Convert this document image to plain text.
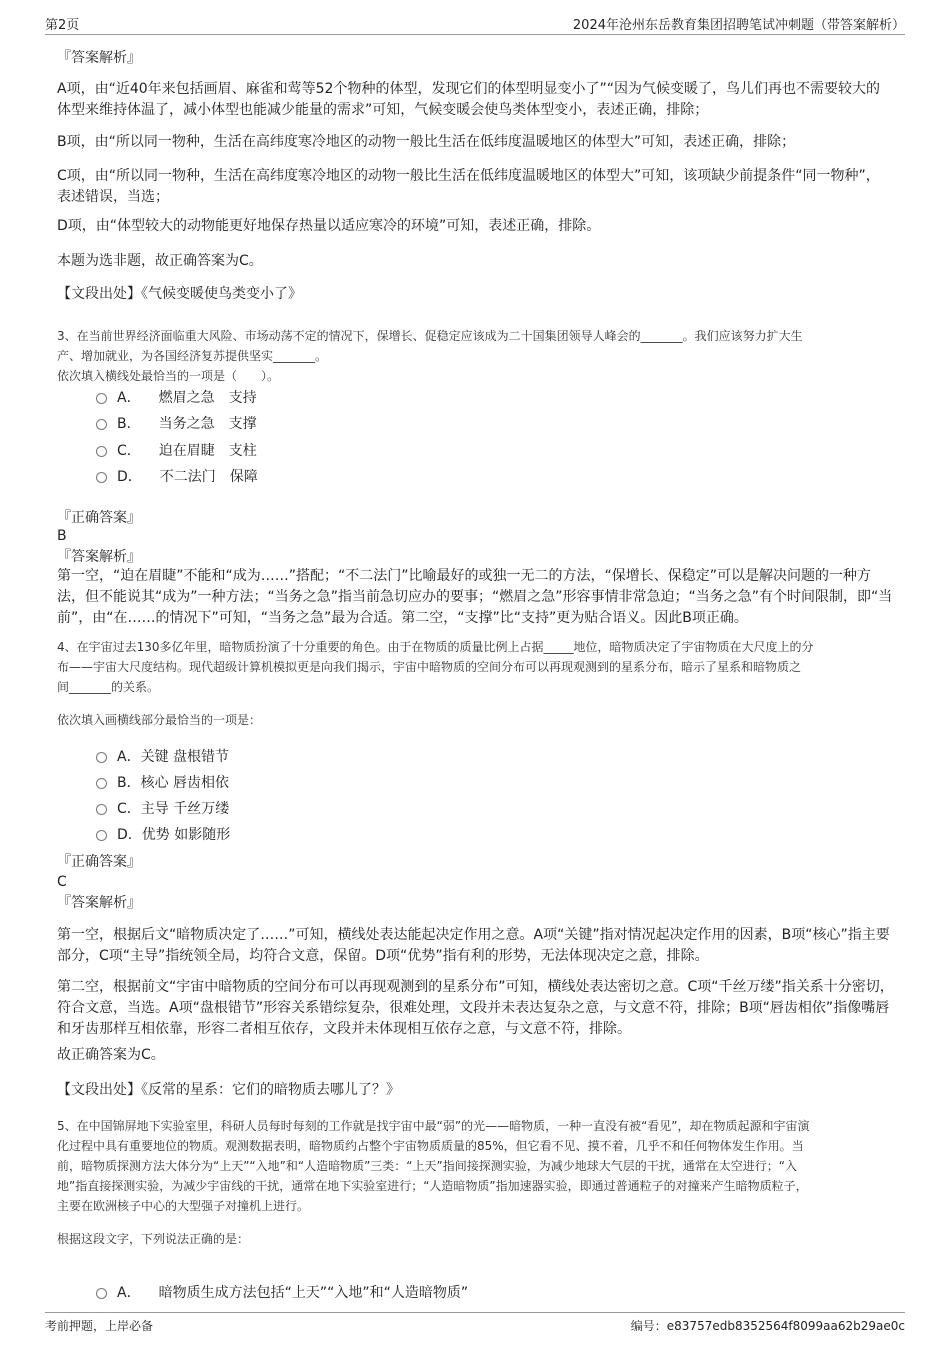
第2页	2024年沧州东岳教育集团招聘笔试冲刺题（带答案解析）
『答案解析』

A项，由“近40年来包括画眉、麻雀和莺等52个物种的体型，发现它们的体型明显变小了”“因为气候变暖了，鸟儿们再也不需要较大的体型来维持体温了，减小体型也能减少能量的需求”可知，气候变暖会使鸟类体型变小，表述正确，排除；

B项，由“所以同一物种，生活在高纬度寒冷地区的动物一般比生活在低纬度温暖地区的体型大”可知，表述正确，排除；

C项，由“所以同一物种，生活在高纬度寒冷地区的动物一般比生活在低纬度温暖地区的体型大”可知，该项缺少前提条件“同一物种”，表述错误，当选；

D项，由“体型较大的动物能更好地保存热量以适应寒冷的环境”可知，表述正确，排除。

本题为选非题，故正确答案为C。

【文段出处】《气候变暖使鸟类变小了》

3、在当前世界经济面临重大风险、市场动荡不定的情况下，保增长、促稳定应该成为二十国集团领导人峰会的_______。我们应该努力扩大生
产、增加就业，为各国经济复苏提供坚实_______。
依次填入横线处最恰当的一项是（　　）。
A． 燃眉之急　支持
B． 当务之急　支撑
C． 迫在眉睫　支柱
D． 不二法门　保障
『正确答案』
B
『答案解析』

第一空，“迫在眉睫”不能和“成为……”搭配；“不二法门”比喻最好的或独一无二的方法，“保增长、保稳定”可以是解决问题的一种方法，但不能说其“成为”一种方法；“当务之急”指当前急切应办的要事；“燃眉之急”形容事情非常急迫；“当务之急”有个时间限制，即“当前”，由“在……的情况下”可知，“当务之急”最为合适。第二空，“支撑”比“支持”更为贴合语义。因此B项正确。

4、在宇宙过去130多亿年里，暗物质扮演了十分重要的角色。由于在物质的质量比例上占据_____地位，暗物质决定了宇宙物质在大尺度上的分
布——宇宙大尺度结构。现代超级计算机模拟更是向我们揭示，宇宙中暗物质的空间分布可以再现观测到的星系分布，暗示了星系和暗物质之
间_______的关系。
依次填入画横线部分最恰当的一项是：
A．关键 盘根错节
B．核心 唇齿相依
C．主导 千丝万缕
D．优势 如影随形
『正确答案』
C
『答案解析』

第一空，根据后文“暗物质决定了……”可知，横线处表达能起决定作用之意。A项“关键”指对情况起决定作用的因素，B项“核心”指主要部分，C项“主导”指统领全局，均符合文意，保留。D项“优势”指有利的形势，无法体现决定之意，排除。

第二空，根据前文“宇宙中暗物质的空间分布可以再现观测到的星系分布”可知，横线处表达密切之意。C项“千丝万缕”指关系十分密切，符合文意，当选。A项“盘根错节”形容关系错综复杂，很难处理，文段并未表达复杂之意，与文意不符，排除；B项“唇齿相依”指像嘴唇和牙齿那样互相依靠，形容二者相互依存，文段并未体现相互依存之意，与文意不符，排除。

故正确答案为C。

【文段出处】《反常的星系：它们的暗物质去哪儿了？》

5、在中国锦屏地下实验室里，科研人员每时每刻的工作就是找宇宙中最“弱”的光——暗物质，一种一直没有被“看见”，却在物质起源和宇宙演
化过程中具有重要地位的物质。观测数据表明，暗物质约占整个宇宙物质质量的85%，但它看不见、摸不着，几乎不和任何物体发生作用。当
前，暗物质探测方法大体分为“上天”“入地”和“人造暗物质”三类：“上天”指间接探测实验，为减少地球大气层的干扰，通常在太空进行；“入
地”指直接探测实验，为减少宇宙线的干扰，通常在地下实验室进行；“人造暗物质”指加速器实验，即通过普通粒子的对撞来产生暗物质粒子，
主要在欧洲核子中心的大型强子对撞机上进行。
根据这段文字，下列说法正确的是：
A． 暗物质生成方法包括“上天”“入地”和“人造暗物质”
考前押题，上岸必备	编号：e83757edb8352564f8099aa62b29ae0c
